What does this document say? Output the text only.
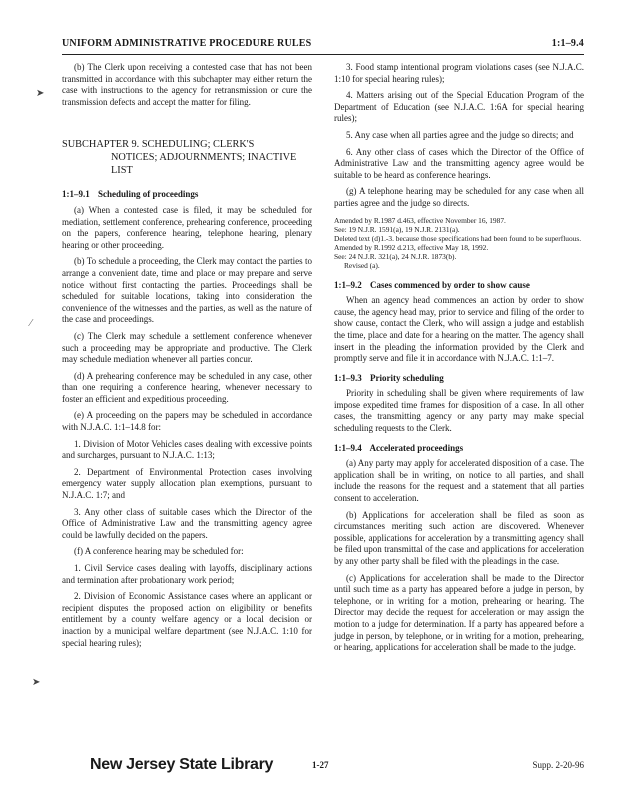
UNIFORM ADMINISTRATIVE PROCEDURE RULES	1:1–9.4
➤
⁄
➤

(b) The Clerk upon receiving a contested case that has not been transmitted in accordance with this subchapter may either return the case with instructions to the agency for retransmission or cure the transmission defects and accept the matter for filing.

SUBCHAPTER 9. SCHEDULING; CLERK'S
NOTICES; ADJOURNMENTS; INACTIVE LIST
1:1–9.1 Scheduling of proceedings

(a) When a contested case is filed, it may be scheduled for mediation, settlement conference, prehearing conference, proceeding on the papers, conference hearing, telephone hearing, plenary hearing or other proceeding.

(b) To schedule a proceeding, the Clerk may contact the parties to arrange a convenient date, time and place or may prepare and serve notice without first contacting the parties. Proceedings shall be scheduled for suitable locations, taking into consideration the convenience of the witnesses and the parties, as well as the nature of the case and proceedings.

(c) The Clerk may schedule a settlement conference whenever such a proceeding may be appropriate and productive. The Clerk may schedule mediation whenever all parties concur.

(d) A prehearing conference may be scheduled in any case, other than one requiring a conference hearing, whenever necessary to foster an efficient and expeditious proceeding.

(e) A proceeding on the papers may be scheduled in accordance with N.J.A.C. 1:1–14.8 for:

1. Division of Motor Vehicles cases dealing with excessive points and surcharges, pursuant to N.J.A.C. 1:13;

2. Department of Environmental Protection cases involving emergency water supply allocation plan exemptions, pursuant to N.J.A.C. 1:7; and

3. Any other class of suitable cases which the Director of the Office of Administrative Law and the transmitting agency agree could be lawfully decided on the papers.

(f) A conference hearing may be scheduled for:

1. Civil Service cases dealing with layoffs, disciplinary actions and termination after probationary work period;

2. Division of Economic Assistance cases where an applicant or recipient disputes the proposed action on eligibility or benefits entitlement by a county welfare agency or a local decision or inaction by a municipal welfare department (see N.J.A.C. 1:10 for special hearing rules);

3. Food stamp intentional program violations cases (see N.J.A.C. 1:10 for special hearing rules);

4. Matters arising out of the Special Education Program of the Department of Education (see N.J.A.C. 1:6A for special hearing rules);

5. Any case when all parties agree and the judge so directs; and

6. Any other class of cases which the Director of the Office of Administrative Law and the transmitting agency agree would be suitable to be heard as conference hearings.

(g) A telephone hearing may be scheduled for any case when all parties agree and the judge so directs.

Amended by R.1987 d.463, effective November 16, 1987.

See: 19 N.J.R. 1591(a), 19 N.J.R. 2131(a).

Deleted text (d)1.-3. because those specifications had been found to be superfluous.

Amended by R.1992 d.213, effective May 18, 1992.

See: 24 N.J.R. 321(a), 24 N.J.R. 1873(b).

Revised (a).

1:1–9.2 Cases commenced by order to show cause

When an agency head commences an action by order to show cause, the agency head may, prior to service and filing of the order to show cause, contact the Clerk, who will assign a judge and establish the time, place and date for a hearing on the matter. The agency shall insert in the pleading the information provided by the Clerk and promptly serve and file it in accordance with N.J.A.C. 1:1–7.

1:1–9.3 Priority scheduling

Priority in scheduling shall be given where requirements of law impose expedited time frames for disposition of a case. In all other cases, the transmitting agency or any party may make special scheduling requests to the Clerk.

1:1–9.4 Accelerated proceedings

(a) Any party may apply for accelerated disposition of a case. The application shall be in writing, on notice to all parties, and shall include the reasons for the request and a statement that all parties consent to acceleration.

(b) Applications for acceleration shall be filed as soon as circumstances meriting such action are discovered. Whenever possible, applications for acceleration by a transmitting agency shall be filed upon transmittal of the case and applications for acceleration by any other party shall be filed with the pleadings in the case.

(c) Applications for acceleration shall be made to the Director until such time as a party has appeared before a judge in person, by telephone, or in writing for a motion, prehearing or hearing. The Director may decide the request for acceleration or may assign the motion to a judge for determination. If a party has appeared before a judge in person, by telephone, or in writing for a motion, prehearing, or hearing, applications for acceleration shall be made to the judge.

New Jersey State Library	1-27	Supp. 2-20-96
